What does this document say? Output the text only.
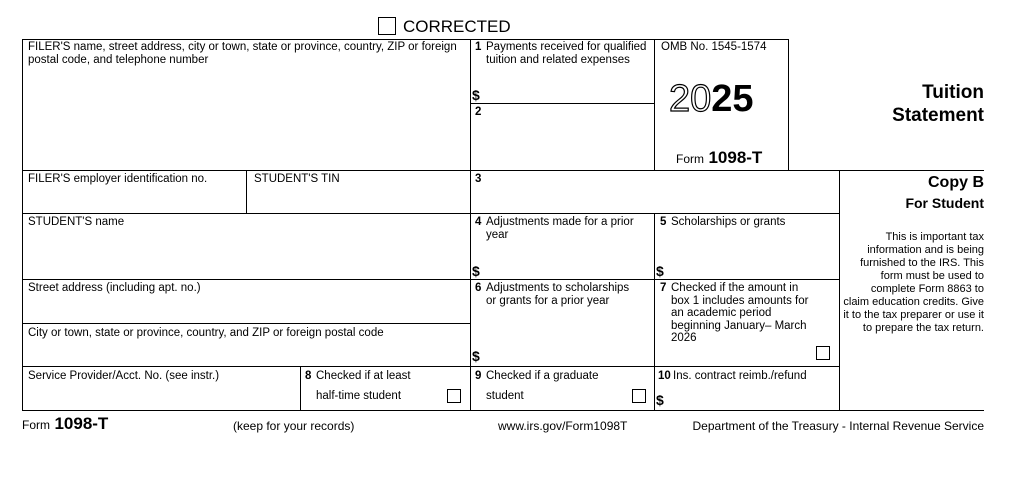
CORRECTED
FILER'S name, street address, city or town, state or province, country, ZIP or foreign postal code, and telephone number
FILER'S employer identification no.	STUDENT'S TIN
STUDENT'S name
Street address (including apt. no.)
City or town, state or province, country, and ZIP or foreign postal code
Service Provider/Acct. No. (see instr.)
1 Payments received for qualified tuition and related expenses
$
2
3
OMB No. 1545-1574
2025
Form 1098-T
Tuition
Statement
Copy B
For Student
This is important tax information and is being furnished to the IRS. This form must be used to complete Form 8863 to claim education credits. Give it to the tax preparer or use it to prepare the tax return.
4 Adjustments made for a prior year
$
5 Scholarships or grants
$
6 Adjustments to scholarships or grants for a prior year
$
7 Checked if the amount in box 1 includes amounts for an academic period beginning January– March 2026
8 Checked if at least
half-time student
9 Checked if a graduate
student
10 Ins. contract reimb./refund
$
Form 1098-T	(keep for your records)	www.irs.gov/Form1098T	Department of the Treasury - Internal Revenue Service
